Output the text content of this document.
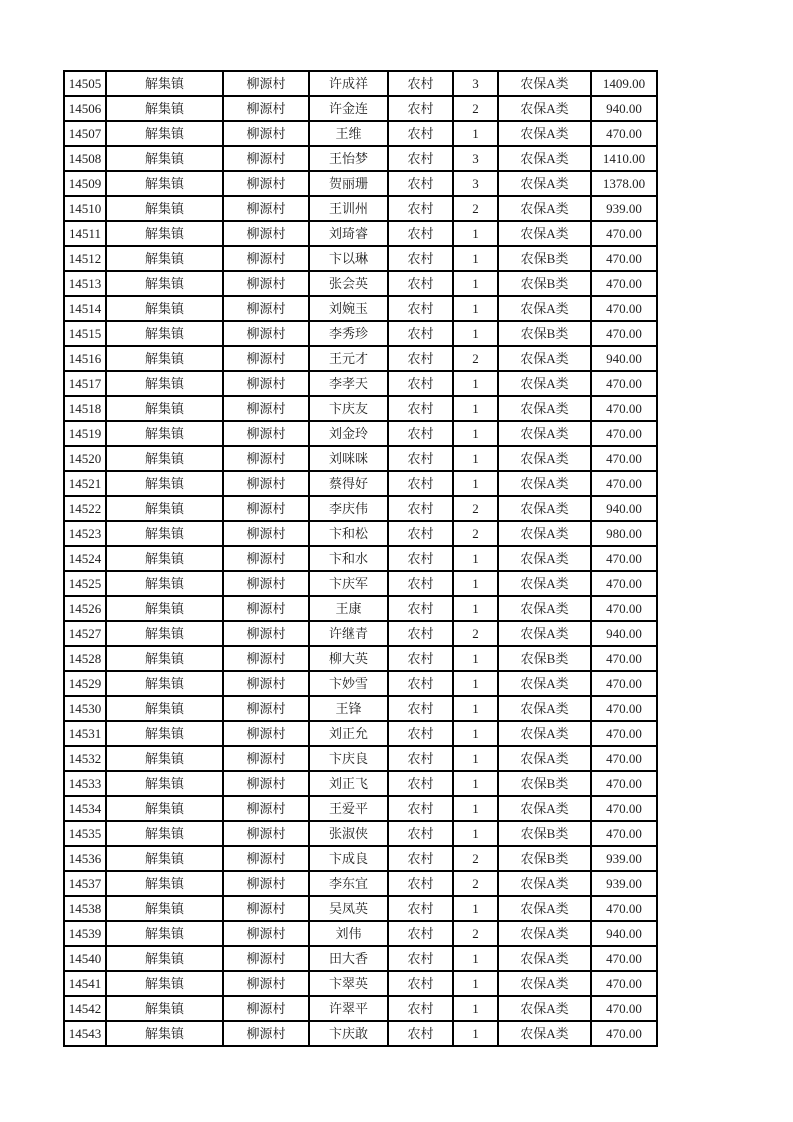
14505	解集镇	柳源村	许成祥	农村	3	农保A类	1409.00
14506	解集镇	柳源村	许金连	农村	2	农保A类	940.00
14507	解集镇	柳源村	王维	农村	1	农保A类	470.00
14508	解集镇	柳源村	王怡梦	农村	3	农保A类	1410.00
14509	解集镇	柳源村	贺丽珊	农村	3	农保A类	1378.00
14510	解集镇	柳源村	王训州	农村	2	农保A类	939.00
14511	解集镇	柳源村	刘琦睿	农村	1	农保A类	470.00
14512	解集镇	柳源村	卞以琳	农村	1	农保B类	470.00
14513	解集镇	柳源村	张会英	农村	1	农保B类	470.00
14514	解集镇	柳源村	刘婉玉	农村	1	农保A类	470.00
14515	解集镇	柳源村	李秀珍	农村	1	农保B类	470.00
14516	解集镇	柳源村	王元才	农村	2	农保A类	940.00
14517	解集镇	柳源村	李孝天	农村	1	农保A类	470.00
14518	解集镇	柳源村	卞庆友	农村	1	农保A类	470.00
14519	解集镇	柳源村	刘金玲	农村	1	农保A类	470.00
14520	解集镇	柳源村	刘咪咪	农村	1	农保A类	470.00
14521	解集镇	柳源村	蔡得好	农村	1	农保A类	470.00
14522	解集镇	柳源村	李庆伟	农村	2	农保A类	940.00
14523	解集镇	柳源村	卞和松	农村	2	农保A类	980.00
14524	解集镇	柳源村	卞和水	农村	1	农保A类	470.00
14525	解集镇	柳源村	卞庆军	农村	1	农保A类	470.00
14526	解集镇	柳源村	王康	农村	1	农保A类	470.00
14527	解集镇	柳源村	许继青	农村	2	农保A类	940.00
14528	解集镇	柳源村	柳大英	农村	1	农保B类	470.00
14529	解集镇	柳源村	卞妙雪	农村	1	农保A类	470.00
14530	解集镇	柳源村	王锋	农村	1	农保A类	470.00
14531	解集镇	柳源村	刘正允	农村	1	农保A类	470.00
14532	解集镇	柳源村	卞庆良	农村	1	农保A类	470.00
14533	解集镇	柳源村	刘正飞	农村	1	农保B类	470.00
14534	解集镇	柳源村	王爱平	农村	1	农保A类	470.00
14535	解集镇	柳源村	张淑侠	农村	1	农保B类	470.00
14536	解集镇	柳源村	卞成良	农村	2	农保B类	939.00
14537	解集镇	柳源村	李东宜	农村	2	农保A类	939.00
14538	解集镇	柳源村	吴凤英	农村	1	农保A类	470.00
14539	解集镇	柳源村	刘伟	农村	2	农保A类	940.00
14540	解集镇	柳源村	田大香	农村	1	农保A类	470.00
14541	解集镇	柳源村	卞翠英	农村	1	农保A类	470.00
14542	解集镇	柳源村	许翠平	农村	1	农保A类	470.00
14543	解集镇	柳源村	卞庆敢	农村	1	农保A类	470.00
